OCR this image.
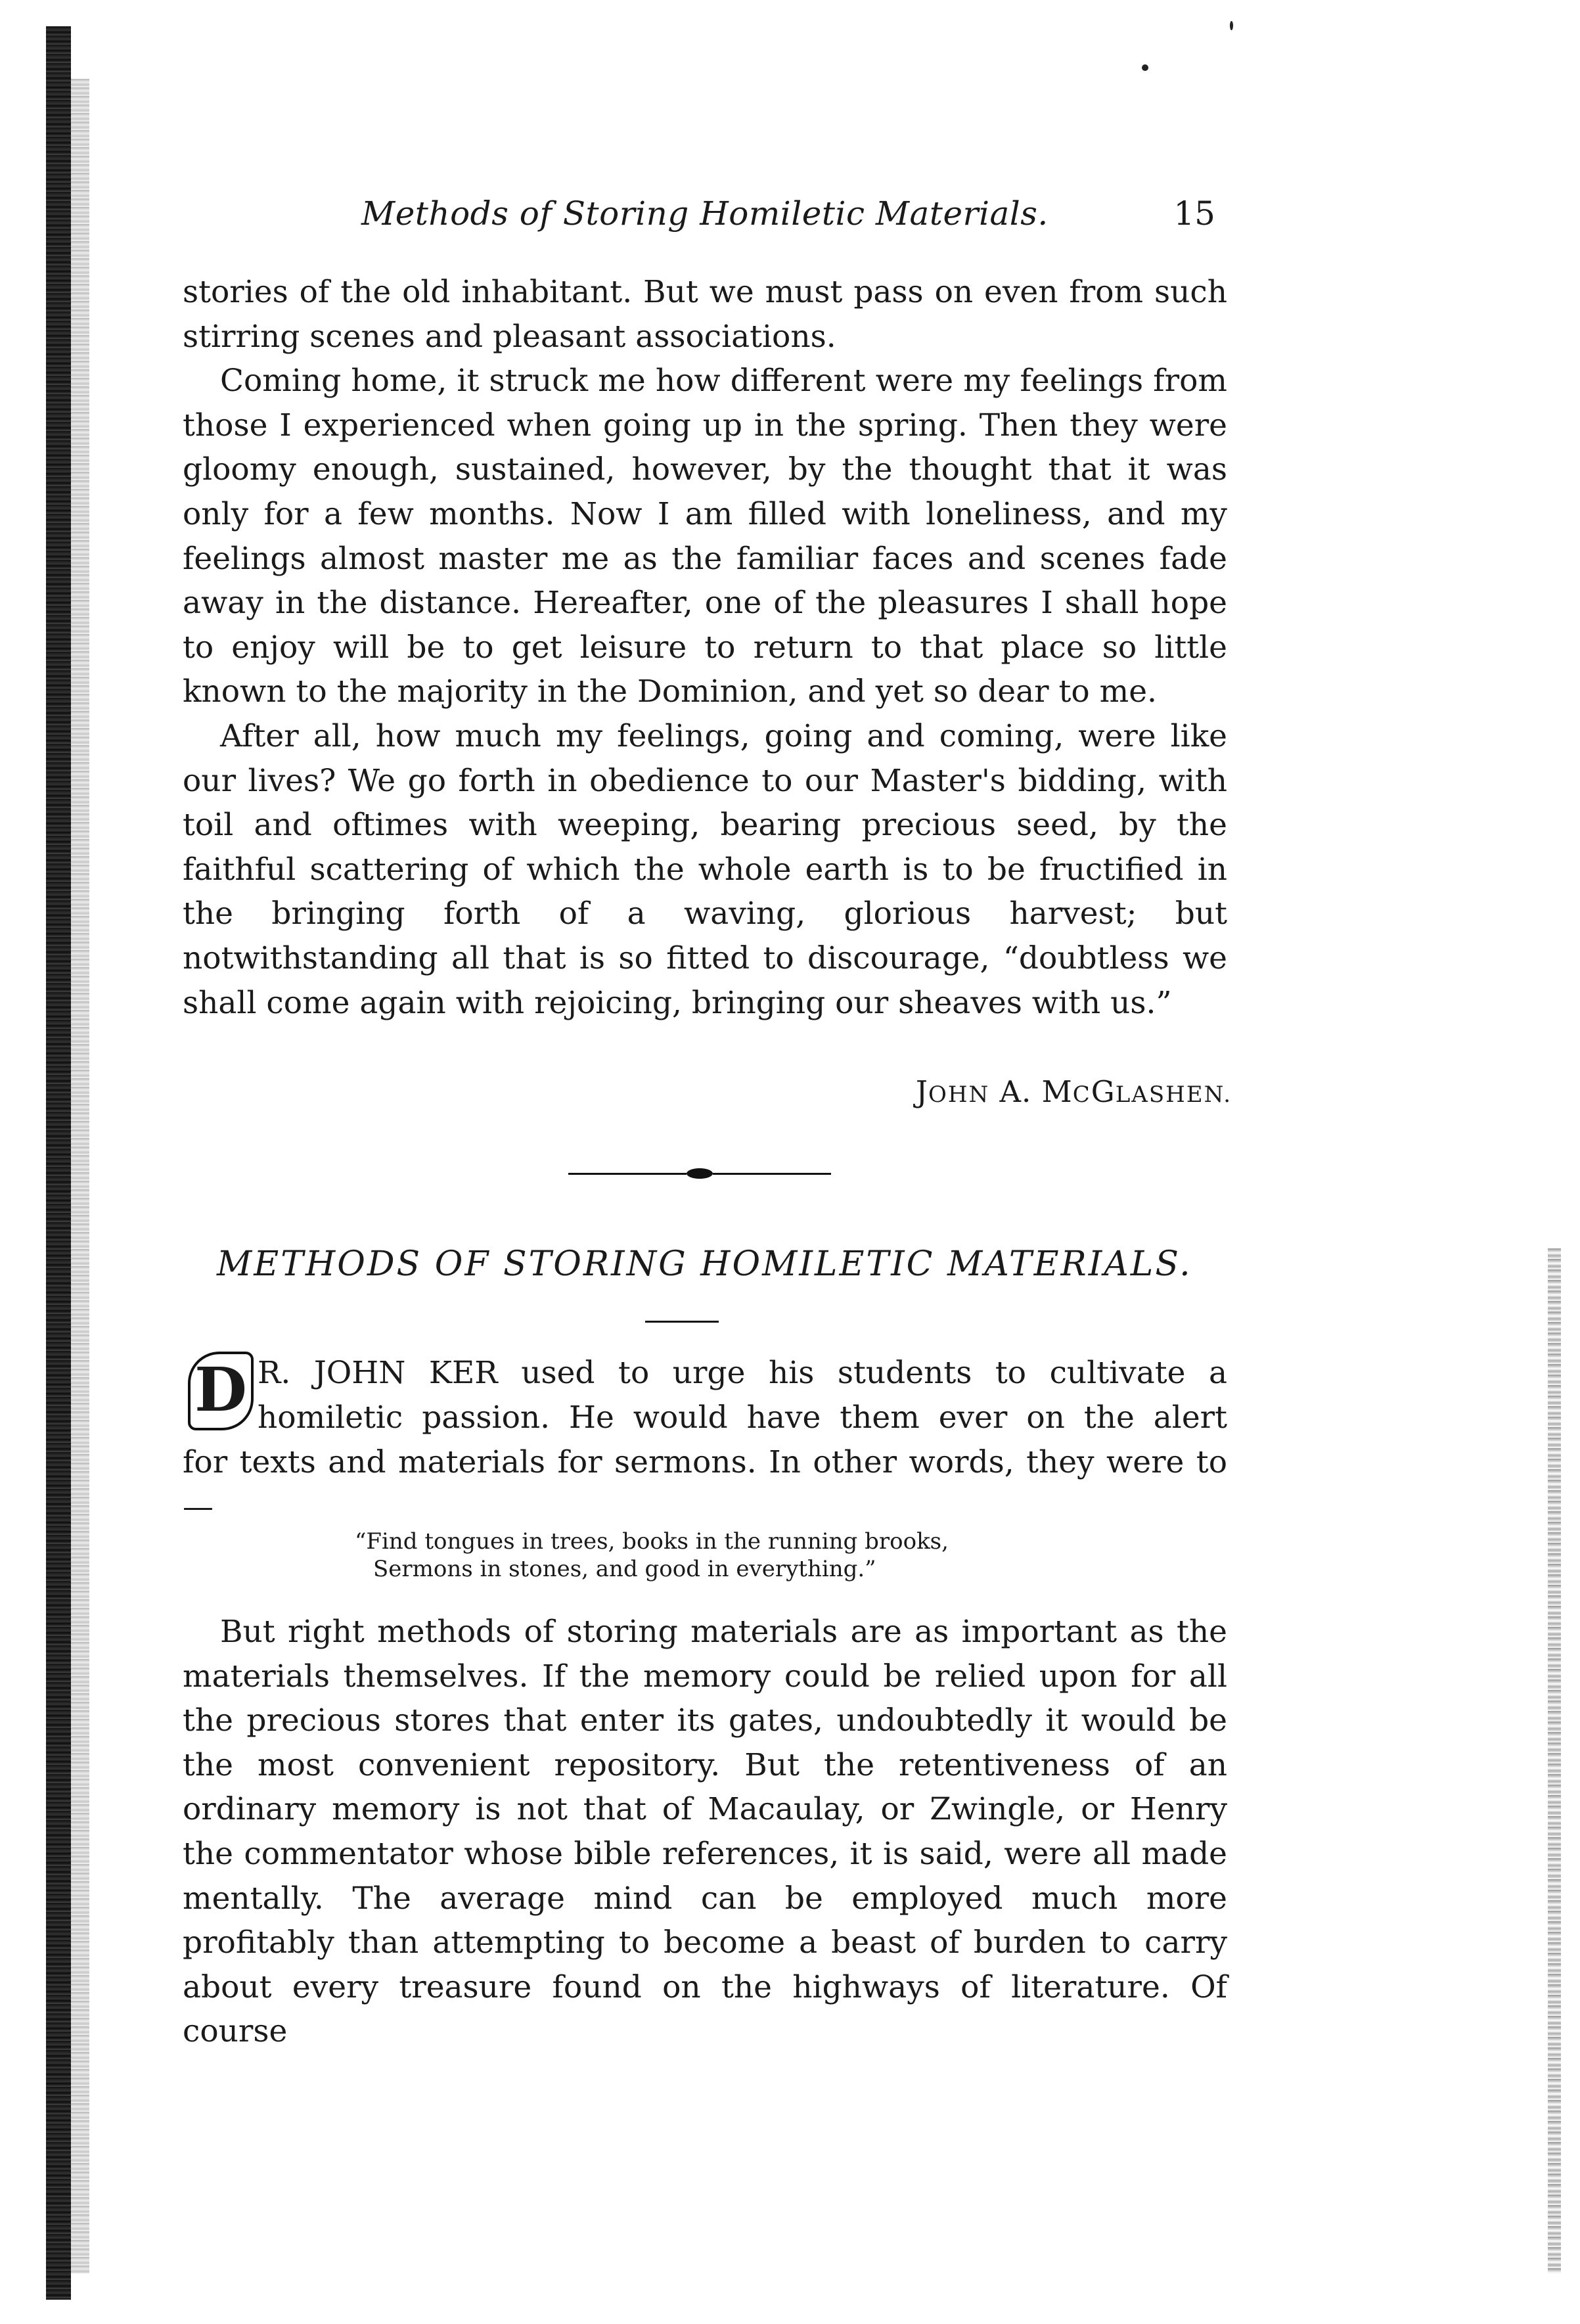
Methods of Storing Homiletic Materials.	15

stories of the old inhabitant. But we must pass on even from such stirring scenes and pleasant associations.

Coming home, it struck me how different were my feelings from those I experienced when going up in the spring. Then they were gloomy enough, sustained, however, by the thought that it was only for a few months. Now I am filled with loneliness, and my feelings almost master me as the familiar faces and scenes fade away in the distance. Hereafter, one of the pleasures I shall hope to enjoy will be to get leisure to return to that place so little known to the majority in the Dominion, and yet so dear to me.

After all, how much my feelings, going and coming, were like our lives? We go forth in obedience to our Master's bidding, with toil and oftimes with weeping, bearing precious seed, by the faithful scattering of which the whole earth is to be fructified in the bringing forth of a waving, glorious harvest; but notwithstanding all that is so fitted to discourage, “doubtless we shall come again with rejoicing, bringing our sheaves with us.”

JOHN A. MCGLASHEN.
METHODS OF STORING HOMILETIC MATERIALS.
D R. JOHN KER used to urge his students to cultivate a
homiletic passion. He would have them ever on the alert
for texts and materials for sermons. In other words, they were to—
“Find tongues in trees, books in the running brooks,
Sermons in stones, and good in everything.”

But right methods of storing materials are as important as the materials themselves. If the memory could be relied upon for all the precious stores that enter its gates, undoubtedly it would be the most convenient repository. But the retentiveness of an ordinary memory is not that of Macaulay, or Zwingle, or Henry the commentator whose bible references, it is said, were all made mentally. The average mind can be employed much more profitably than attempting to become a beast of burden to carry about every treasure found on the highways of literature. Of course
